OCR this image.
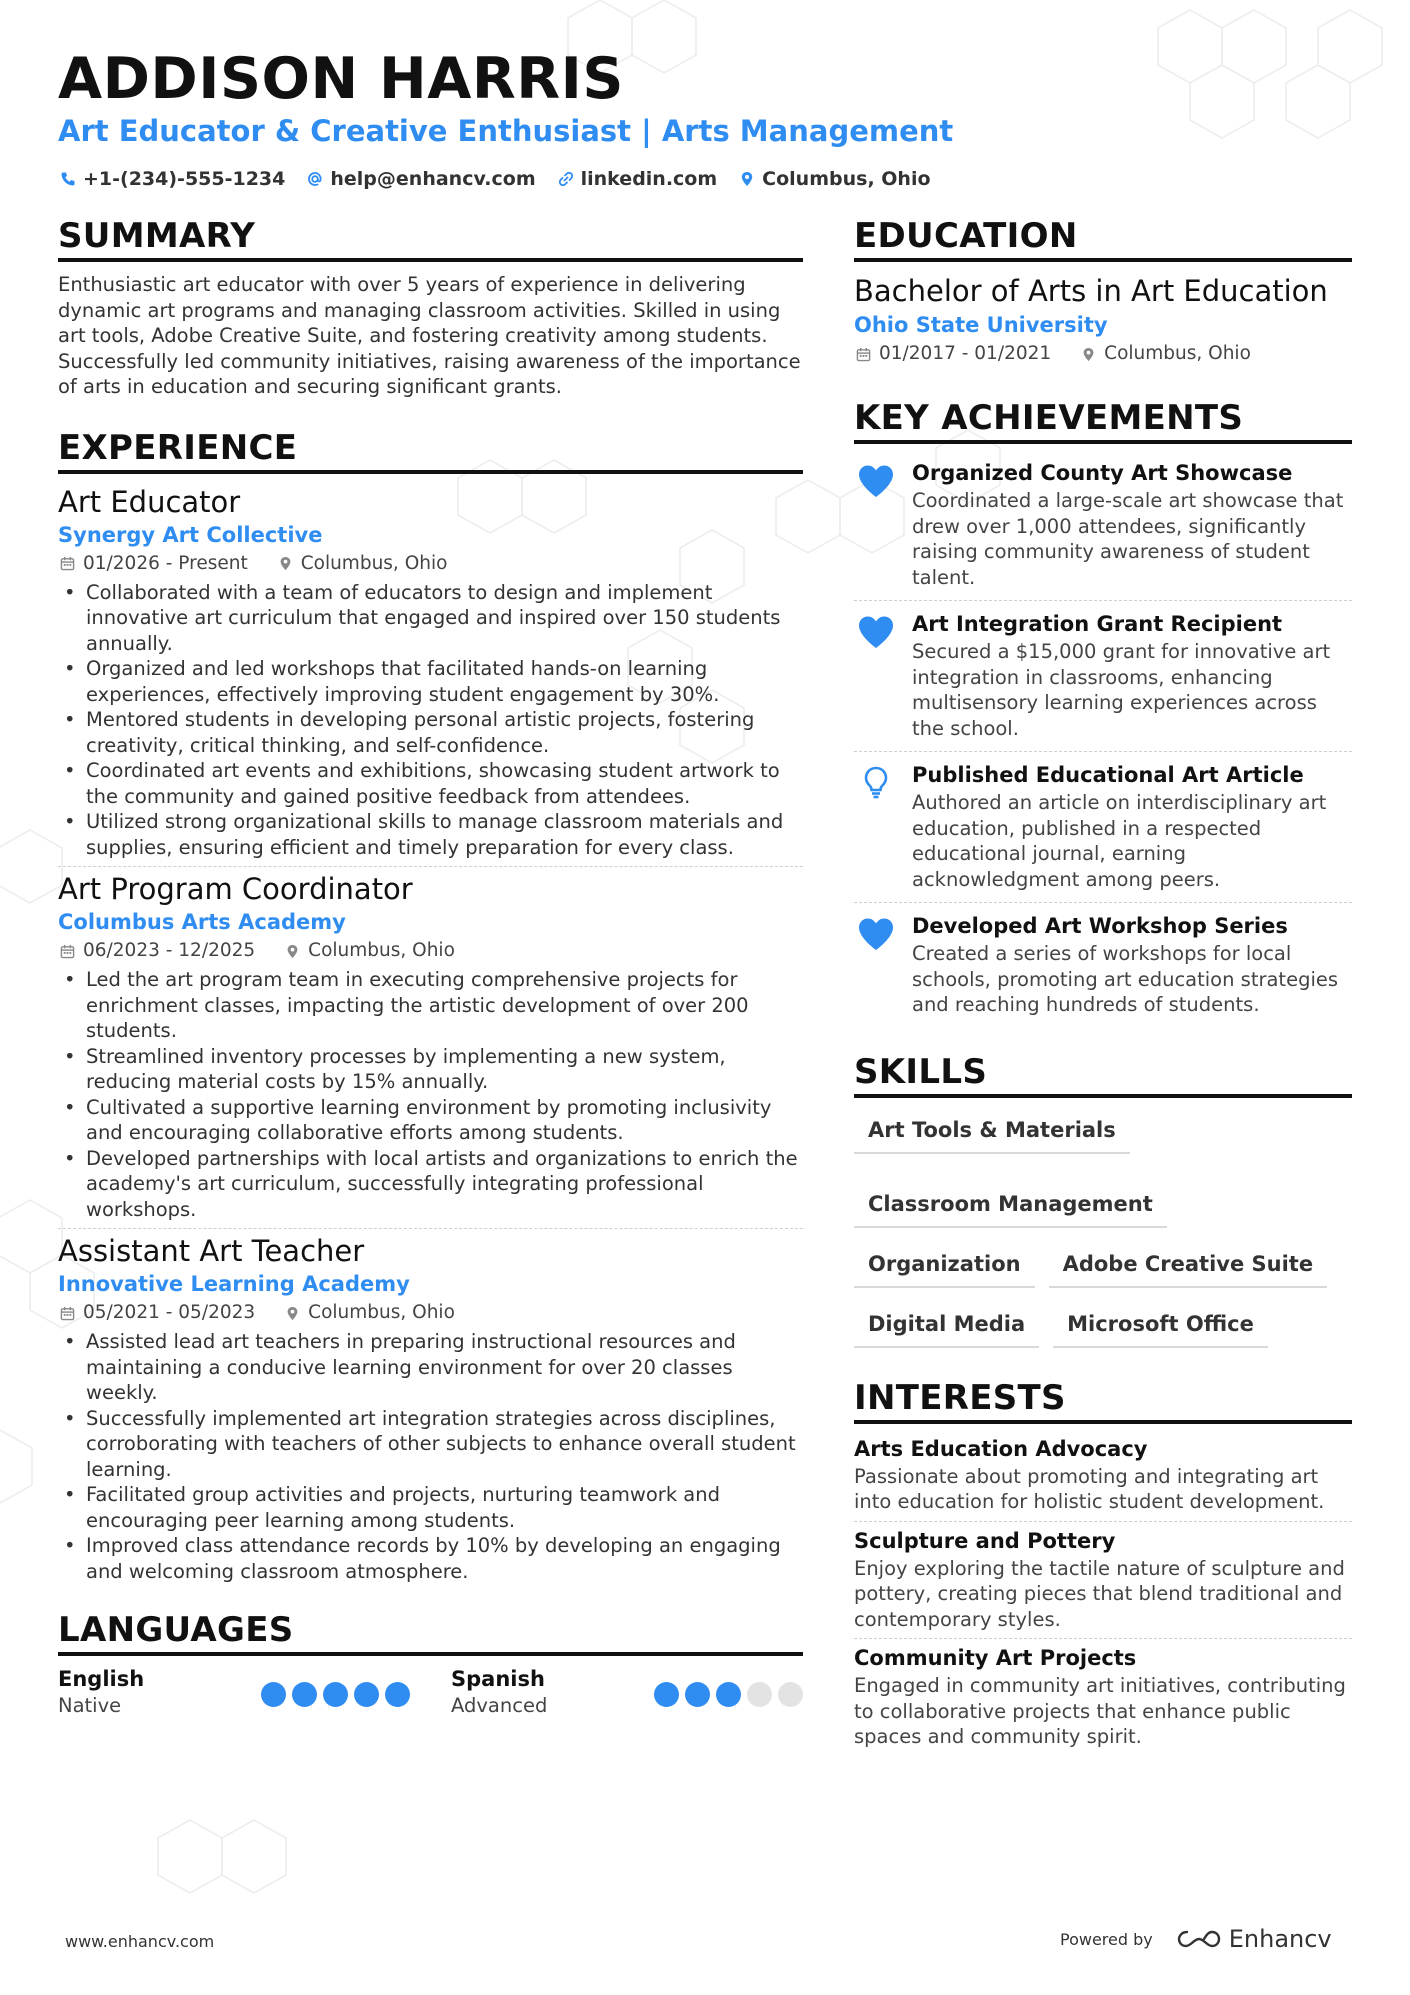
ADDISON HARRIS
Art Educator & Creative Enthusiast | Arts Management
+1-(234)-555-1234 help@enhancv.com linkedin.com Columbus, Ohio
SUMMARY

Enthusiastic art educator with over 5 years of experience in delivering dynamic art programs and managing classroom activities. Skilled in using art tools, Adobe Creative Suite, and fostering creativity among students. Successfully led community initiatives, raising awareness of the importance of arts in education and securing significant grants.

EXPERIENCE
Art Educator
Synergy Art Collective
01/2026 - Present	Columbus, Ohio
• Collaborated with a team of educators to design and implement innovative art curriculum that engaged and inspired over 150 students annually.
• Organized and led workshops that facilitated hands-on learning experiences, effectively improving student engagement by 30%.
• Mentored students in developing personal artistic projects, fostering creativity, critical thinking, and self-confidence.
• Coordinated art events and exhibitions, showcasing student artwork to the community and gained positive feedback from attendees.
• Utilized strong organizational skills to manage classroom materials and supplies, ensuring efficient and timely preparation for every class.
Art Program Coordinator
Columbus Arts Academy
06/2023 - 12/2025	Columbus, Ohio
• Led the art program team in executing comprehensive projects for enrichment classes, impacting the artistic development of over 200 students.
• Streamlined inventory processes by implementing a new system, reducing material costs by 15% annually.
• Cultivated a supportive learning environment by promoting inclusivity and encouraging collaborative efforts among students.
• Developed partnerships with local artists and organizations to enrich the academy's art curriculum, successfully integrating professional workshops.
Assistant Art Teacher
Innovative Learning Academy
05/2021 - 05/2023	Columbus, Ohio
• Assisted lead art teachers in preparing instructional resources and maintaining a conducive learning environment for over 20 classes weekly.
• Successfully implemented art integration strategies across disciplines, corroborating with teachers of other subjects to enhance overall student learning.
• Facilitated group activities and projects, nurturing teamwork and encouraging peer learning among students.
• Improved class attendance records by 10% by developing an engaging and welcoming classroom atmosphere.
LANGUAGES
English
Native
Spanish
Advanced
EDUCATION
Bachelor of Arts in Art Education
Ohio State University
01/2017 - 01/2021	Columbus, Ohio
KEY ACHIEVEMENTS
Organized County Art Showcase
Coordinated a large-scale art showcase that drew over 1,000 attendees, significantly raising community awareness of student talent.
Art Integration Grant Recipient
Secured a $15,000 grant for innovative art integration in classrooms, enhancing multisensory learning experiences across the school.
Published Educational Art Article
Authored an article on interdisciplinary art education, published in a respected educational journal, earning acknowledgment among peers.
Developed Art Workshop Series
Created a series of workshops for local schools, promoting art education strategies and reaching hundreds of students.
SKILLS
Art Tools & Materials
Classroom Management
Organization	Adobe Creative Suite
Digital Media	Microsoft Office
INTERESTS
Arts Education Advocacy
Passionate about promoting and integrating art into education for holistic student development.
Sculpture and Pottery
Enjoy exploring the tactile nature of sculpture and pottery, creating pieces that blend traditional and contemporary styles.
Community Art Projects
Engaged in community art initiatives, contributing to collaborative projects that enhance public spaces and community spirit.
www.enhancv.com	Powered by	Enhancv
